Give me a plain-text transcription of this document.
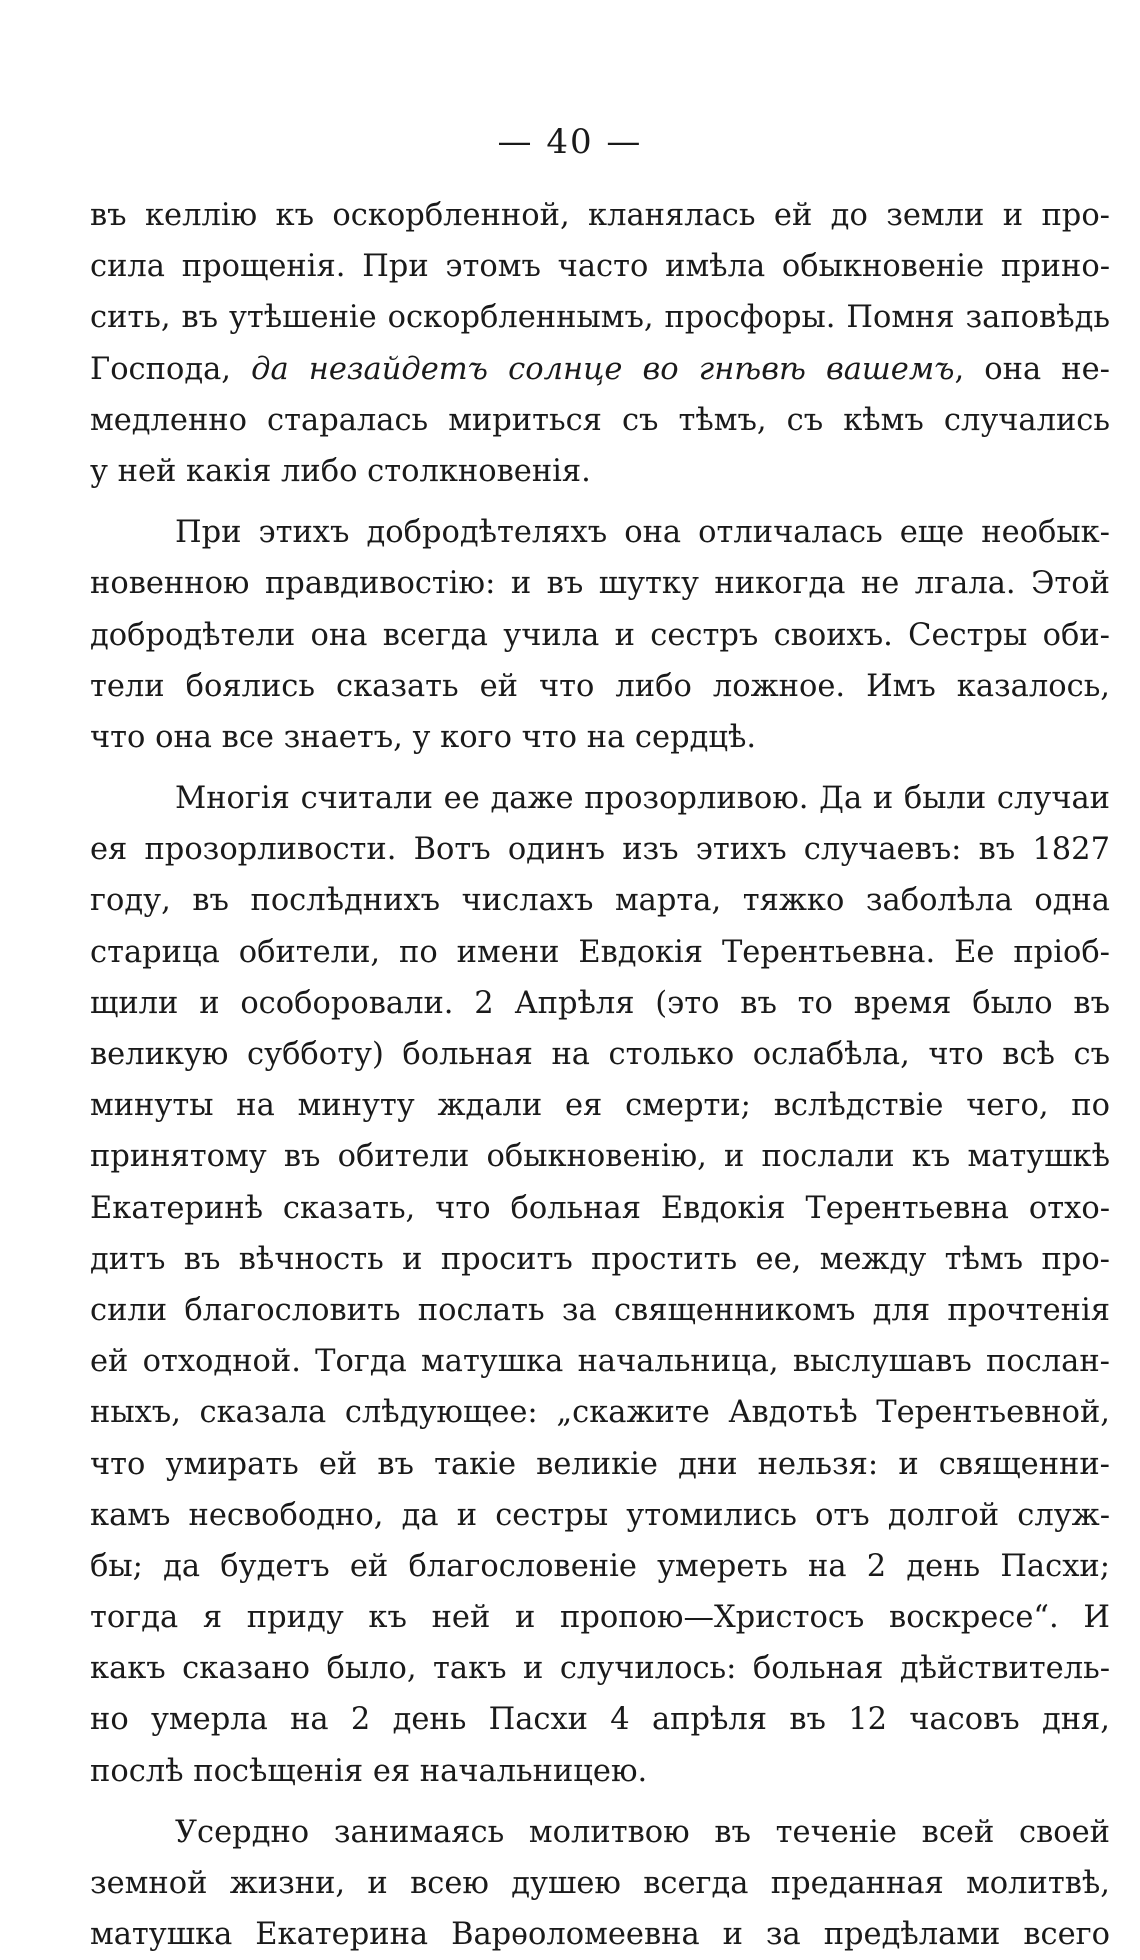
— 40 —
въ келлію къ оскорбленной, кланялась ей до земли и про-
сила прощенія. При этомъ часто имѣла обыкновеніе прино-
сить, въ утѣшеніе оскорбленнымъ, просфоры. Помня заповѣдь
Господа, да незайдетъ солнце во гнѣвѣ вашемъ, она не-
медленно старалась мириться съ тѣмъ, съ кѣмъ случались
у ней какія либо столкновенія.
При этихъ добродѣтеляхъ она отличалась еще необык-
новенною правдивостію: и въ шутку никогда не лгала. Этой
добродѣтели она всегда учила и сестръ своихъ. Сестры оби-
тели боялись сказать ей что либо ложное. Имъ казалось,
что она все знаетъ, у кого что на сердцѣ.
Многія считали ее даже прозорливою. Да и были случаи
ея прозорливости. Вотъ одинъ изъ этихъ случаевъ: въ 1827
году, въ послѣднихъ числахъ марта, тяжко заболѣла одна
старица обители, по имени Евдокія Терентьевна. Ее пріоб-
щили и особоровали. 2 Апрѣля (это въ то время было въ
великую субботу) больная на столько ослабѣла, что всѣ съ
минуты на минуту ждали ея смерти; вслѣдствіе чего, по
принятому въ обители обыкновенію, и послали къ матушкѣ
Екатеринѣ сказать, что больная Евдокія Терентьевна отхо-
дитъ въ вѣчность и проситъ простить ее, между тѣмъ про-
сили благословить послать за священникомъ для прочтенія
ей отходной. Тогда матушка начальница, выслушавъ послан-
ныхъ, сказала слѣдующее: „скажите Авдотьѣ Терентьевной,
что умирать ей въ такіе великіе дни нельзя: и священни-
камъ несвободно, да и сестры утомились отъ долгой служ-
бы; да будетъ ей благословеніе умереть на 2 день Пасхи;
тогда я приду къ ней и пропою—Христосъ воскресе“. И
какъ сказано было, такъ и случилось: больная дѣйствитель-
но умерла на 2 день Пасхи 4 апрѣля въ 12 часовъ дня,
послѣ посѣщенія ея начальницею.
Усердно занимаясь молитвою въ теченіе всей своей
земной жизни, и всею душею всегда преданная молитвѣ,
матушка Екатерина Варѳоломеевна и за предѣлами всего
